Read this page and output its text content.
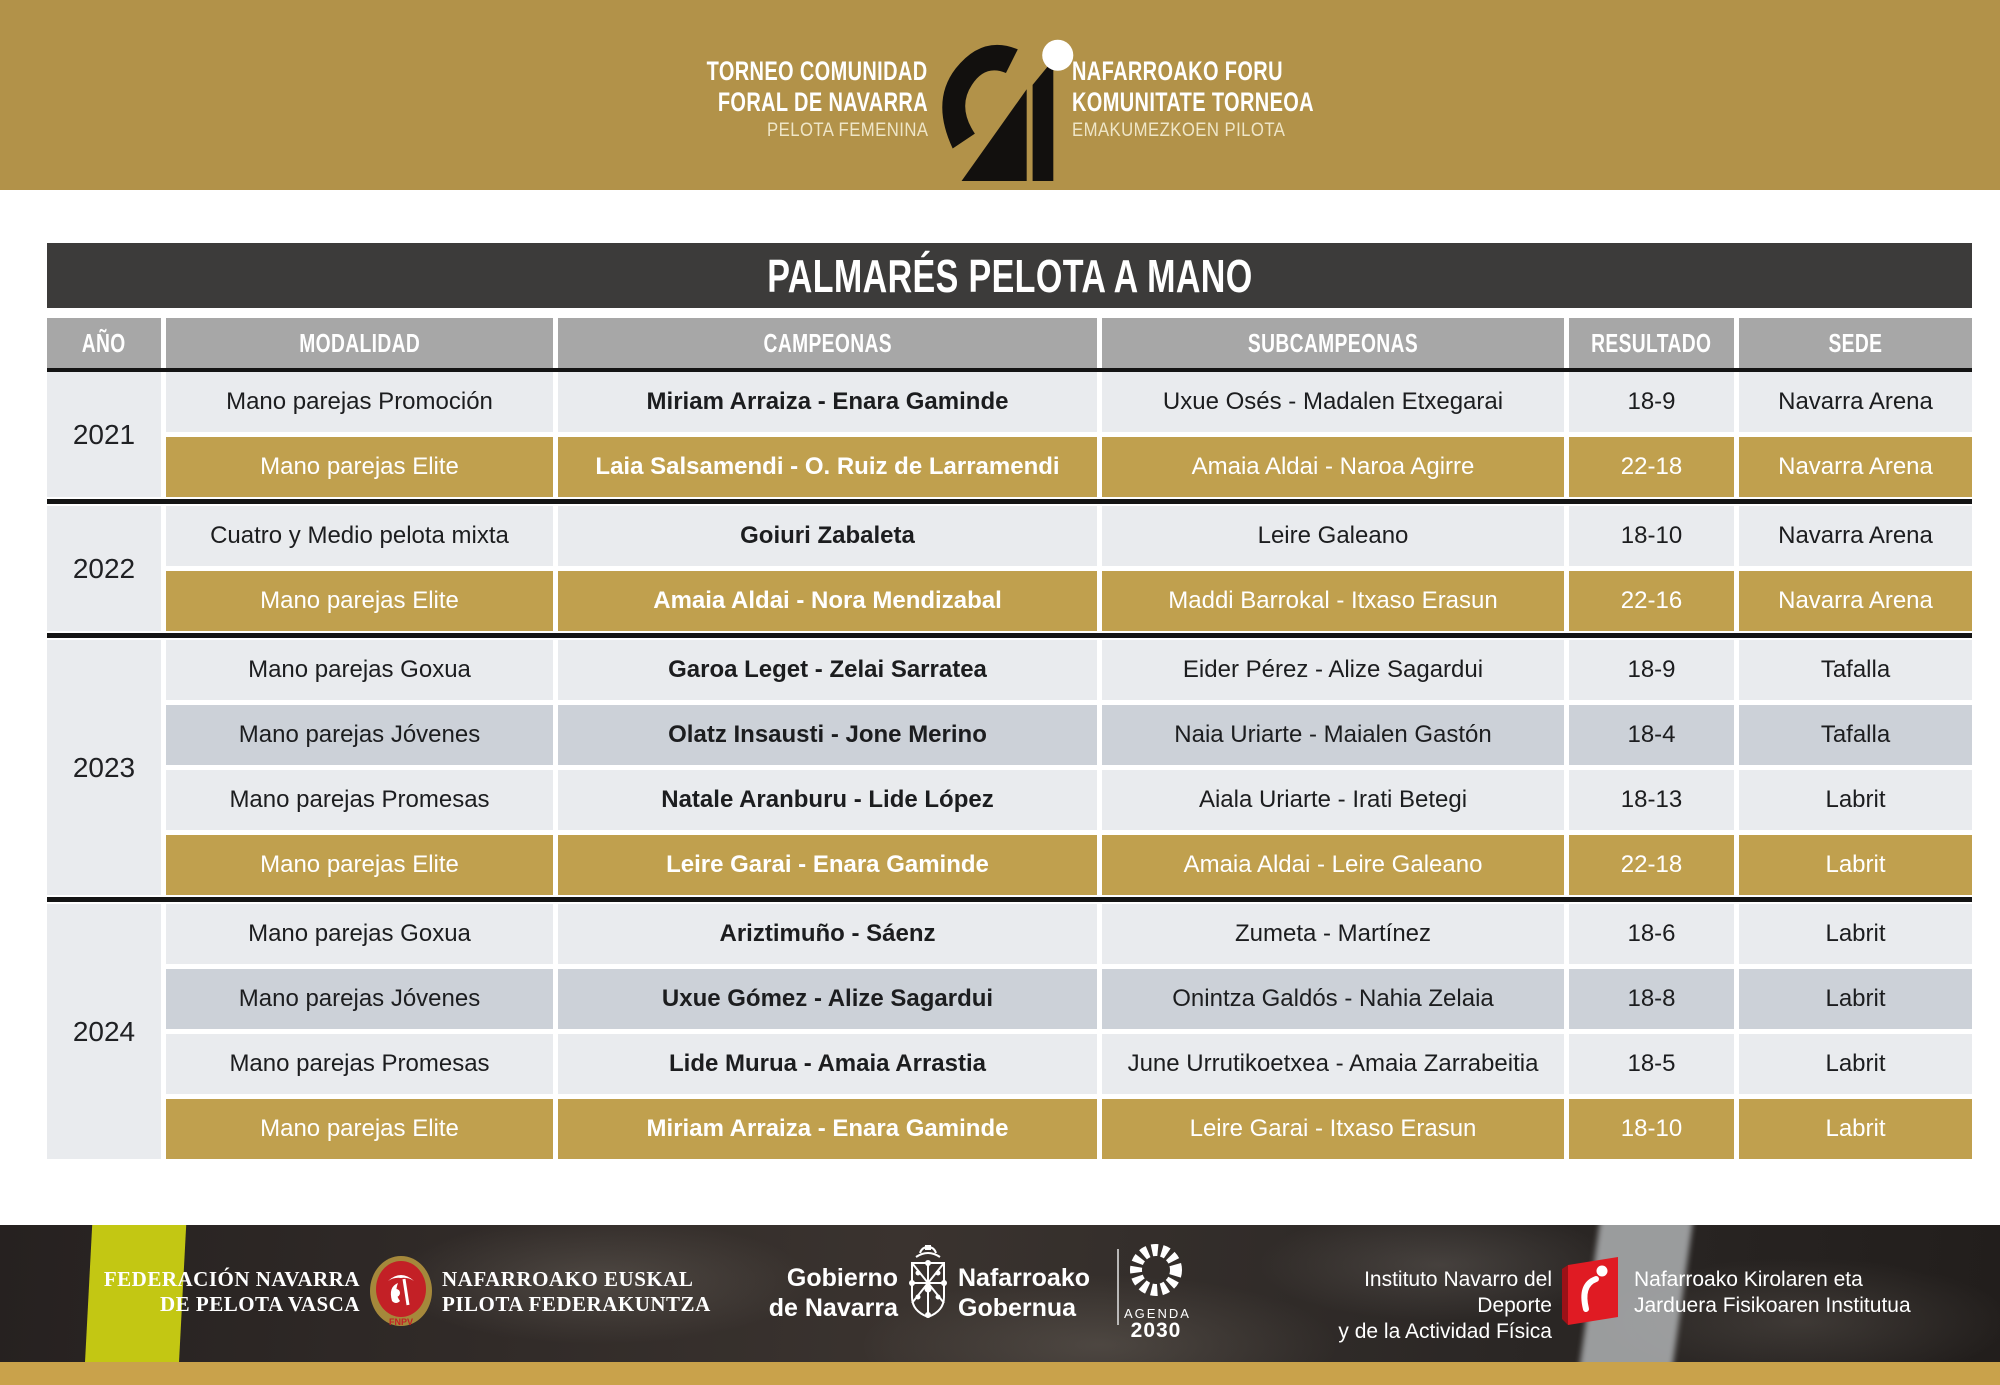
TORNEO COMUNIDAD
FORAL DE NAVARRA
PELOTA FEMENINA
NAFARROAKO FORU
KOMUNITATE TORNEOA
EMAKUMEZKOEN PILOTA
PALMARÉS PELOTA A MANO
AÑO	MODALIDAD	CAMPEONAS	SUBCAMPEONAS	RESULTADO	SEDE
2021
Mano parejas Promoción	Miriam Arraiza - Enara Gaminde	Uxue Osés - Madalen Etxegarai	18-9	Navarra Arena
Mano parejas Elite	Laia Salsamendi - O. Ruiz de Larramendi	Amaia Aldai - Naroa Agirre	22-18	Navarra Arena
2022
Cuatro y Medio pelota mixta	Goiuri Zabaleta	Leire Galeano	18-10	Navarra Arena
Mano parejas Elite	Amaia Aldai - Nora Mendizabal	Maddi Barrokal - Itxaso Erasun	22-16	Navarra Arena
2023
Mano parejas Goxua	Garoa Leget - Zelai Sarratea	Eider Pérez - Alize Sagardui	18-9	Tafalla
Mano parejas Jóvenes	Olatz Insausti - Jone Merino	Naia Uriarte - Maialen Gastón	18-4	Tafalla
Mano parejas Promesas	Natale Aranburu - Lide López	Aiala Uriarte - Irati Betegi	18-13	Labrit
Mano parejas Elite	Leire Garai - Enara Gaminde	Amaia Aldai - Leire Galeano	22-18	Labrit
2024
Mano parejas Goxua	Ariztimuño - Sáenz	Zumeta - Martínez	18-6	Labrit
Mano parejas Jóvenes	Uxue Gómez - Alize Sagardui	Onintza Galdós - Nahia Zelaia	18-8	Labrit
Mano parejas Promesas	Lide Murua - Amaia Arrastia	June Urrutikoetxea - Amaia Zarrabeitia	18-5	Labrit
Mano parejas Elite	Miriam Arraiza - Enara Gaminde	Leire Garai - Itxaso Erasun	18-10	Labrit
FEDERACIÓN NAVARRA
DE PELOTA VASCA
FNPV
NAFARROAKO EUSKAL
PILOTA FEDERAKUNTZA
Gobierno
de Navarra
Nafarroako
Gobernua	AGENDA
2030
Instituto Navarro del Deporte
y de la Actividad Física
Nafarroako Kirolaren eta
Jarduera Fisikoaren Institutua
